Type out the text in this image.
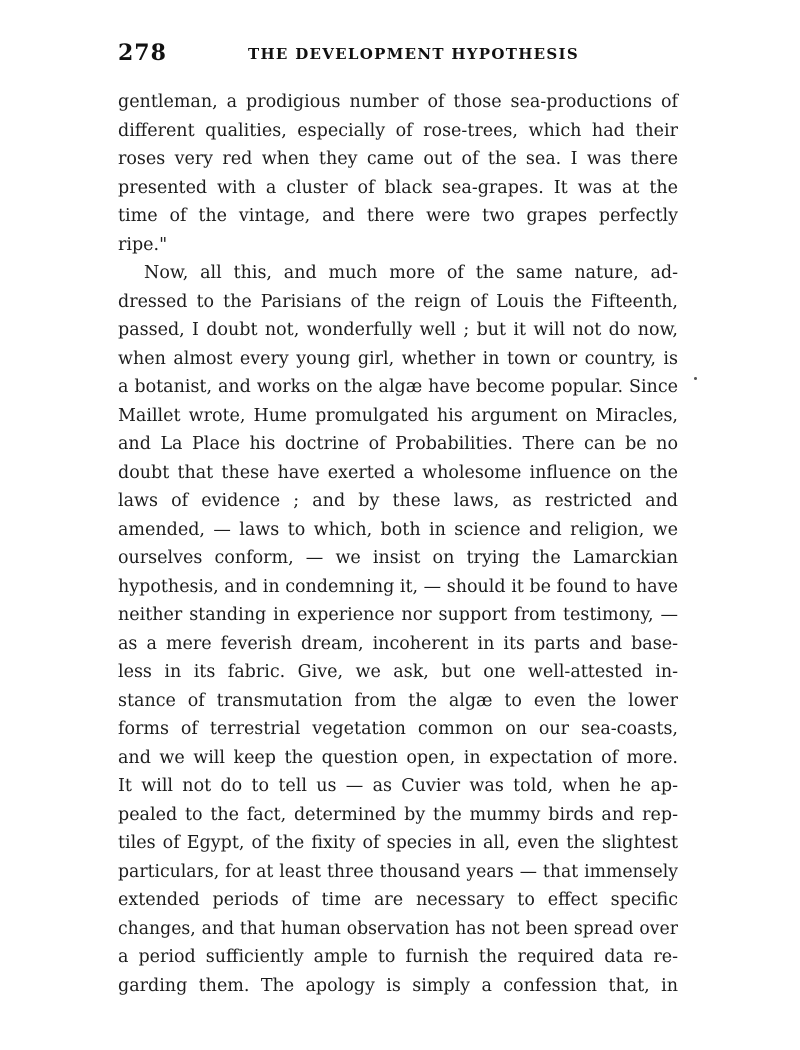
278	THE DEVELOPMENT HYPOTHESIS
gentleman, a prodigious number of those sea-productions of
different qualities, especially of rose-trees, which had their
roses very red when they came out of the sea. I was there
presented with a cluster of black sea-grapes. It was at the
time of the vintage, and there were two grapes perfectly
ripe."
Now, all this, and much more of the same nature, ad-
dressed to the Parisians of the reign of Louis the Fifteenth,
passed, I doubt not, wonderfully well ; but it will not do now,
when almost every young girl, whether in town or country, is
a botanist, and works on the algæ have become popular. Since
Maillet wrote, Hume promulgated his argument on Miracles,
and La Place his doctrine of Probabilities. There can be no
doubt that these have exerted a wholesome influence on the
laws of evidence ; and by these laws, as restricted and
amended, — laws to which, both in science and religion, we
ourselves conform, — we insist on trying the Lamarckian
hypothesis, and in condemning it, — should it be found to have
neither standing in experience nor support from testimony, —
as a mere feverish dream, incoherent in its parts and base-
less in its fabric. Give, we ask, but one well-attested in-
stance of transmutation from the algæ to even the lower
forms of terrestrial vegetation common on our sea-coasts,
and we will keep the question open, in expectation of more.
It will not do to tell us — as Cuvier was told, when he ap-
pealed to the fact, determined by the mummy birds and rep-
tiles of Egypt, of the fixity of species in all, even the slightest
particulars, for at least three thousand years — that immensely
extended periods of time are necessary to effect specific
changes, and that human observation has not been spread over
a period sufficiently ample to furnish the required data re-
garding them. The apology is simply a confession that, in
